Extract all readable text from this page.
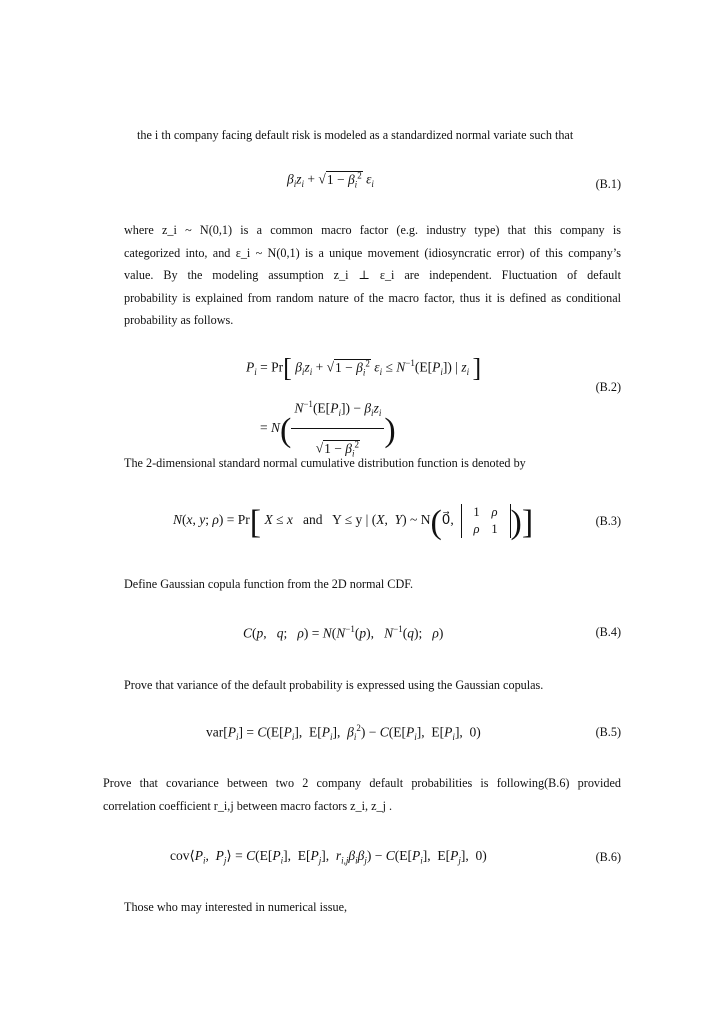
the i th company facing default risk is modeled as a standardized normal variate such that
$\beta_iz_i + √1 - \beta_i^2$ $\varepsilon_i$	(B.1)
where z_i ~ N(0,1) is a common macro factor (e.g. industry type) that this company is
categorized into, and ε_i ~ N(0,1) is a unique movement (idiosyncratic error) of this company’s
value. By the modeling assumption z_i ⊥ ε_i are independent. Fluctuation of default
probability is explained from random nature of the macro factor, thus it is defined as conditional
probability as follows.
$P_i = Pr$[ $\beta_iz_i + √1 - \beta_i^2$ $\varepsilon_i \le N^{-1}(E[P_i])$ | $z_i$ ]
= $N( \frac{N^{-1}(E[P_i]) - \beta_iz_i}{√1 - \beta_i^2}$ )
(B.2)
The 2-dimensional standard normal cumulative distribution function is denoted by
N(x, y; ρ) = Pr[ X ≤ x   and   Y ≤ y | (X,  Y) ~ N(0⃗,  1 ρ
ρ 1 )]	(B.3)
Define Gaussian copula function from the 2D normal CDF.
C(p,   q;   $\rho) = N(N^{-1}(p)$,   $N^{-1}(q)$;   ρ)	(B.4)
Prove that variance of the default probability is expressed using the Gaussian copulas.
$var[P_i] = C(E[P_i]$,  $E[P_i]$,  $\beta_i^2) - C(E[P_i]$,  $E[P_i]$,  0)	(B.5)
Prove that covariance between two 2 company default probabilities is following(B.6) provided
correlation coefficient r_i,j between macro factors z_i, z_j .
$cov⟨P_i$,  $P_j⟩ = C(E[P_i]$,  $E[P_j]$,  $r_{i,j}\beta_i\beta_j) - C(E[P_i]$,  $E[P_j]$,  0)	(B.6)
Those who may interested in numerical issue,
